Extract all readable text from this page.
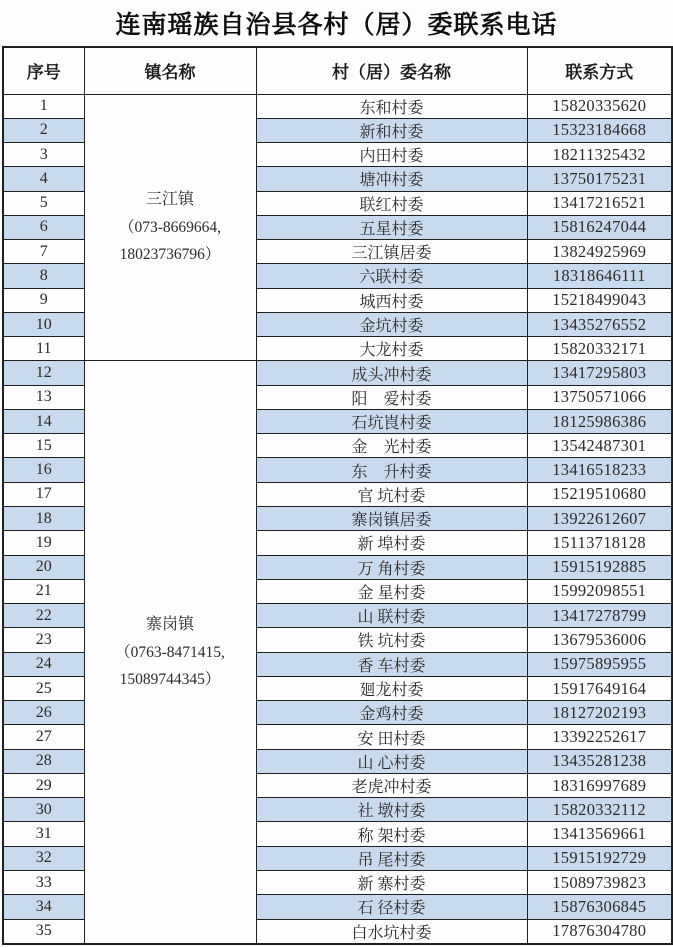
连南瑶族自治县各村（居）委联系电话
序号	镇名称	村（居）委名称	联系方式
1	三江镇
（073-8669664,
18023736796）	东和村委	15820335620
2		新和村委	15323184668
3		内田村委	18211325432
4		塘冲村委	13750175231
5		联红村委	13417216521
6		五星村委	15816247044
7		三江镇居委	13824925969
8		六联村委	18318646111
9		城西村委	15218499043
10		金坑村委	13435276552
11		大龙村委	15820332171
12	寨岗镇
（0763-8471415,
15089744345）	成头冲村委	13417295803
13		阳　爱村委	13750571066
14		石坑崀村委	18125986386
15		金　光村委	13542487301
16		东　升村委	13416518233
17		官 坑村委	15219510680
18		寨岗镇居委	13922612607
19		新 埠村委	15113718128
20		万 角村委	15915192885
21		金 星村委	15992098551
22		山 联村委	13417278799
23		铁 坑村委	13679536006
24		香 车村委	15975895955
25		廻龙村委	15917649164
26		金鸡村委	18127202193
27		安 田村委	13392252617
28		山 心村委	13435281238
29		老虎冲村委	18316997689
30		社 墩村委	15820332112
31		称 架村委	13413569661
32		吊 尾村委	15915192729
33		新 寨村委	15089739823
34		石 径村委	15876306845
35		白水坑村委	17876304780
